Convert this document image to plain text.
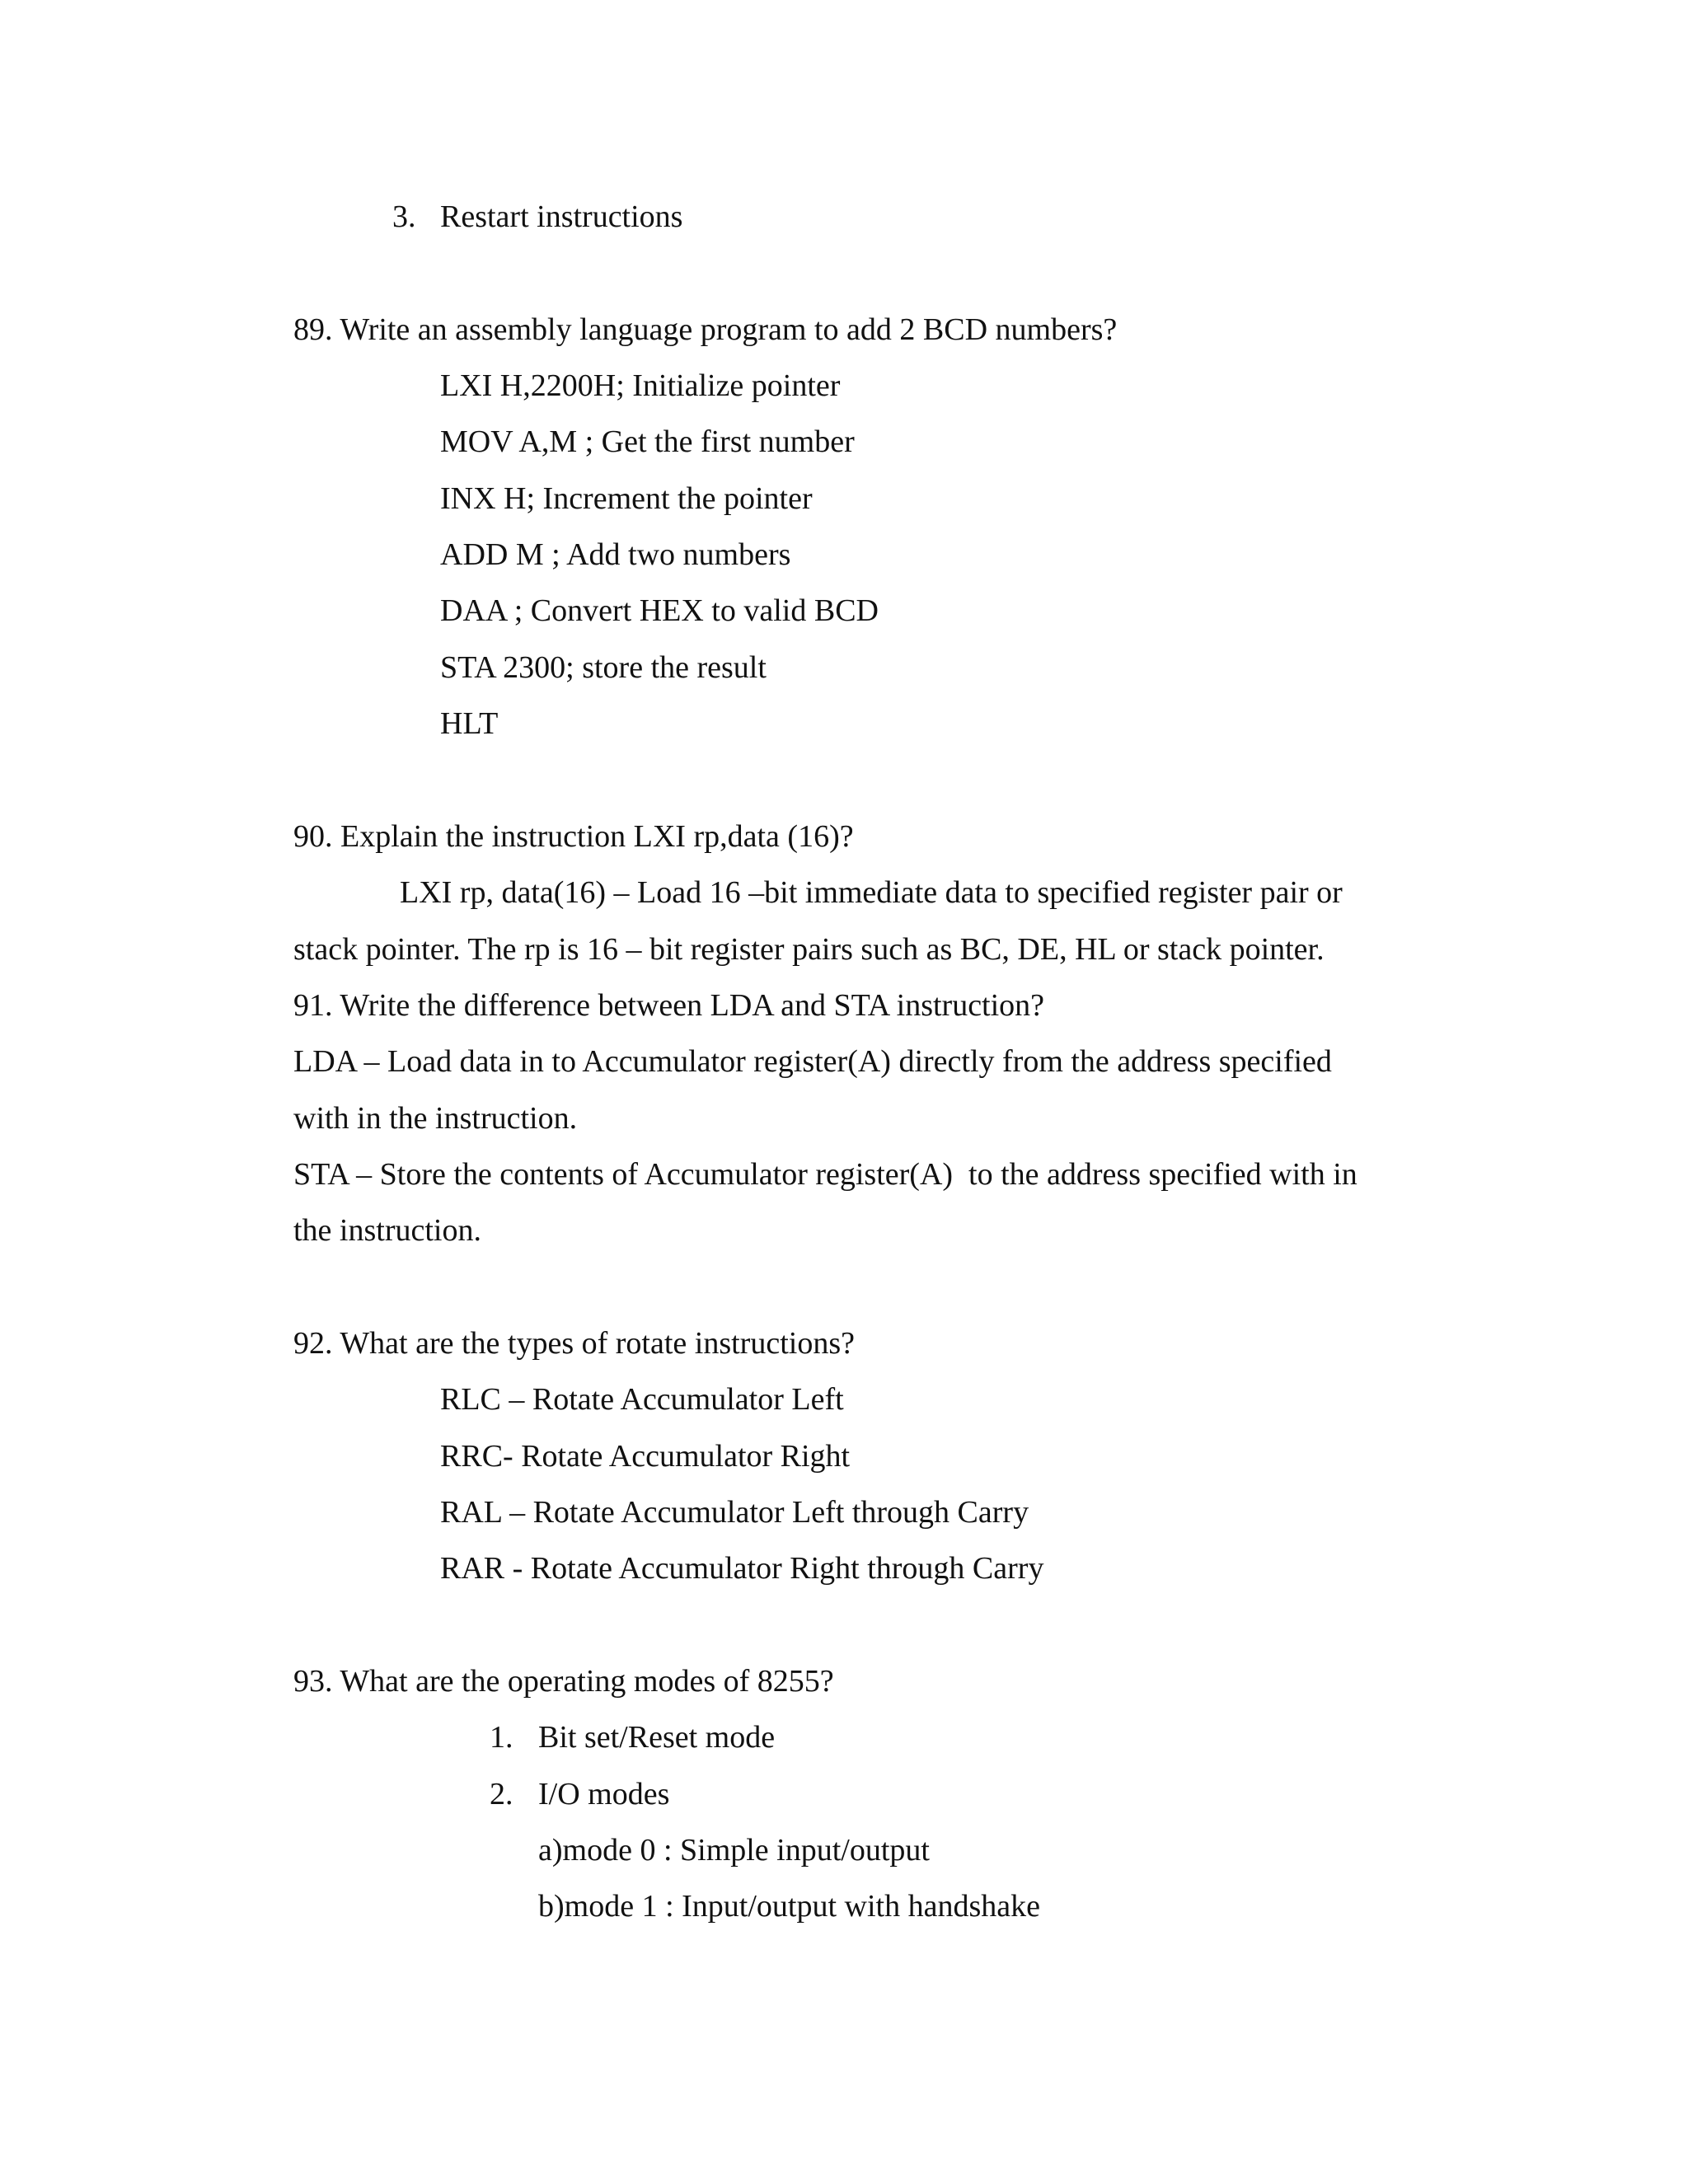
3. Restart instructions
89. Write an assembly language program to add 2 BCD numbers?
LXI H,2200H; Initialize pointer
MOV A,M ; Get the first number
INX H; Increment the pointer
ADD M ; Add two numbers
DAA ; Convert HEX to valid BCD
STA 2300; store the result
HLT
90. Explain the instruction LXI rp,data (16)?
LXI rp, data(16) – Load 16 –bit immediate data to specified register pair or
stack pointer. The rp is 16 – bit register pairs such as BC, DE, HL or stack pointer.
91. Write the difference between LDA and STA instruction?
LDA – Load data in to Accumulator register(A) directly from the address specified
with in the instruction.
STA – Store the contents of Accumulator register(A)  to the address specified with in
the instruction.
92. What are the types of rotate instructions?
RLC – Rotate Accumulator Left
RRC- Rotate Accumulator Right
RAL – Rotate Accumulator Left through Carry
RAR - Rotate Accumulator Right through Carry
93. What are the operating modes of 8255?
1. Bit set/Reset mode
2. I/O modes
a)mode 0 : Simple input/output
b)mode 1 : Input/output with handshake
